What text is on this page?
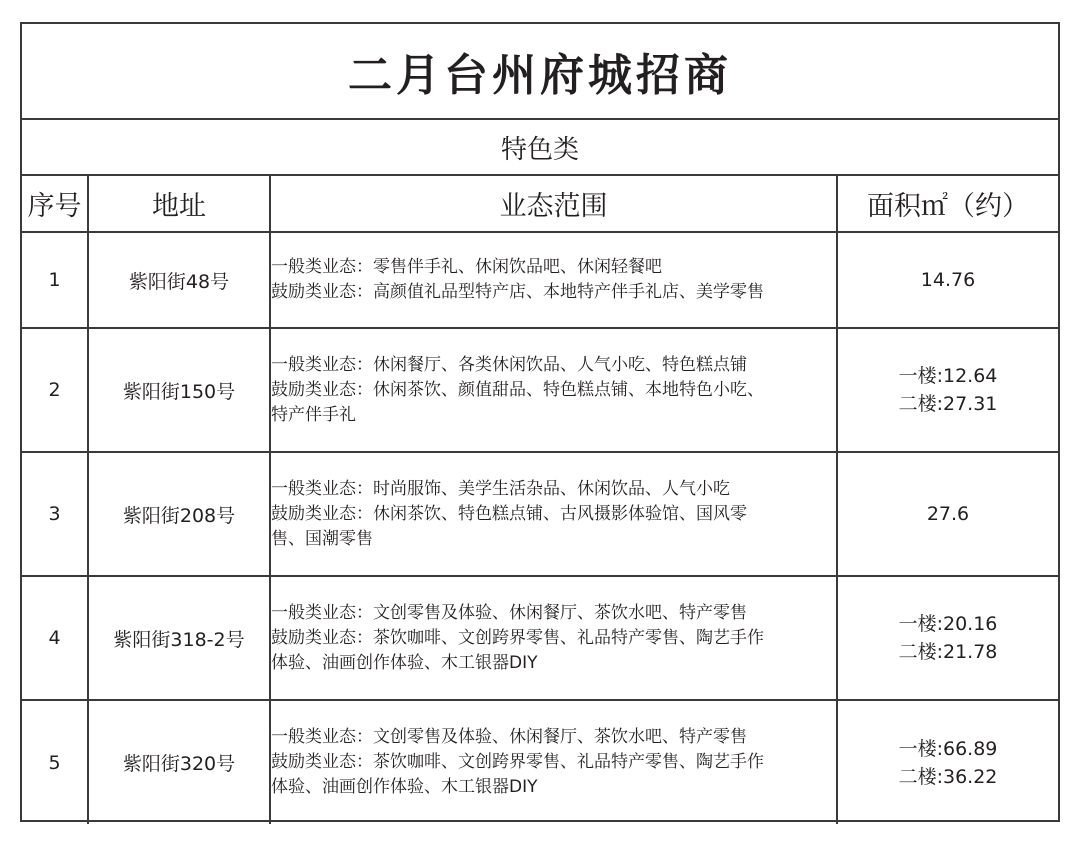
二月台州府城招商
特色类
序号	地址	业态范围	面积㎡（约）
1	紫阳街48号	一般类业态：零售伴手礼、休闲饮品吧、休闲轻餐吧
鼓励类业态：高颜值礼品型特产店、本地特产伴手礼店、美学零售	14.76

2	紫阳街150号	一般类业态：休闲餐厅、各类休闲饮品、人气小吃、特色糕点铺
鼓励类业态：休闲茶饮、颜值甜品、特色糕点铺、本地特色小吃、
特产伴手礼	一楼:12.64
二楼:27.31

3	紫阳街208号	一般类业态：时尚服饰、美学生活杂品、休闲饮品、人气小吃
鼓励类业态：休闲茶饮、特色糕点铺、古风摄影体验馆、国风零
售、国潮零售	27.6

4	紫阳街318-2号	一般类业态：文创零售及体验、休闲餐厅、茶饮水吧、特产零售
鼓励类业态：茶饮咖啡、文创跨界零售、礼品特产零售、陶艺手作
体验、油画创作体验、木工银器DIY	一楼:20.16
二楼:21.78

5	紫阳街320号	一般类业态：文创零售及体验、休闲餐厅、茶饮水吧、特产零售
鼓励类业态：茶饮咖啡、文创跨界零售、礼品特产零售、陶艺手作
体验、油画创作体验、木工银器DIY	一楼:66.89
二楼:36.22
